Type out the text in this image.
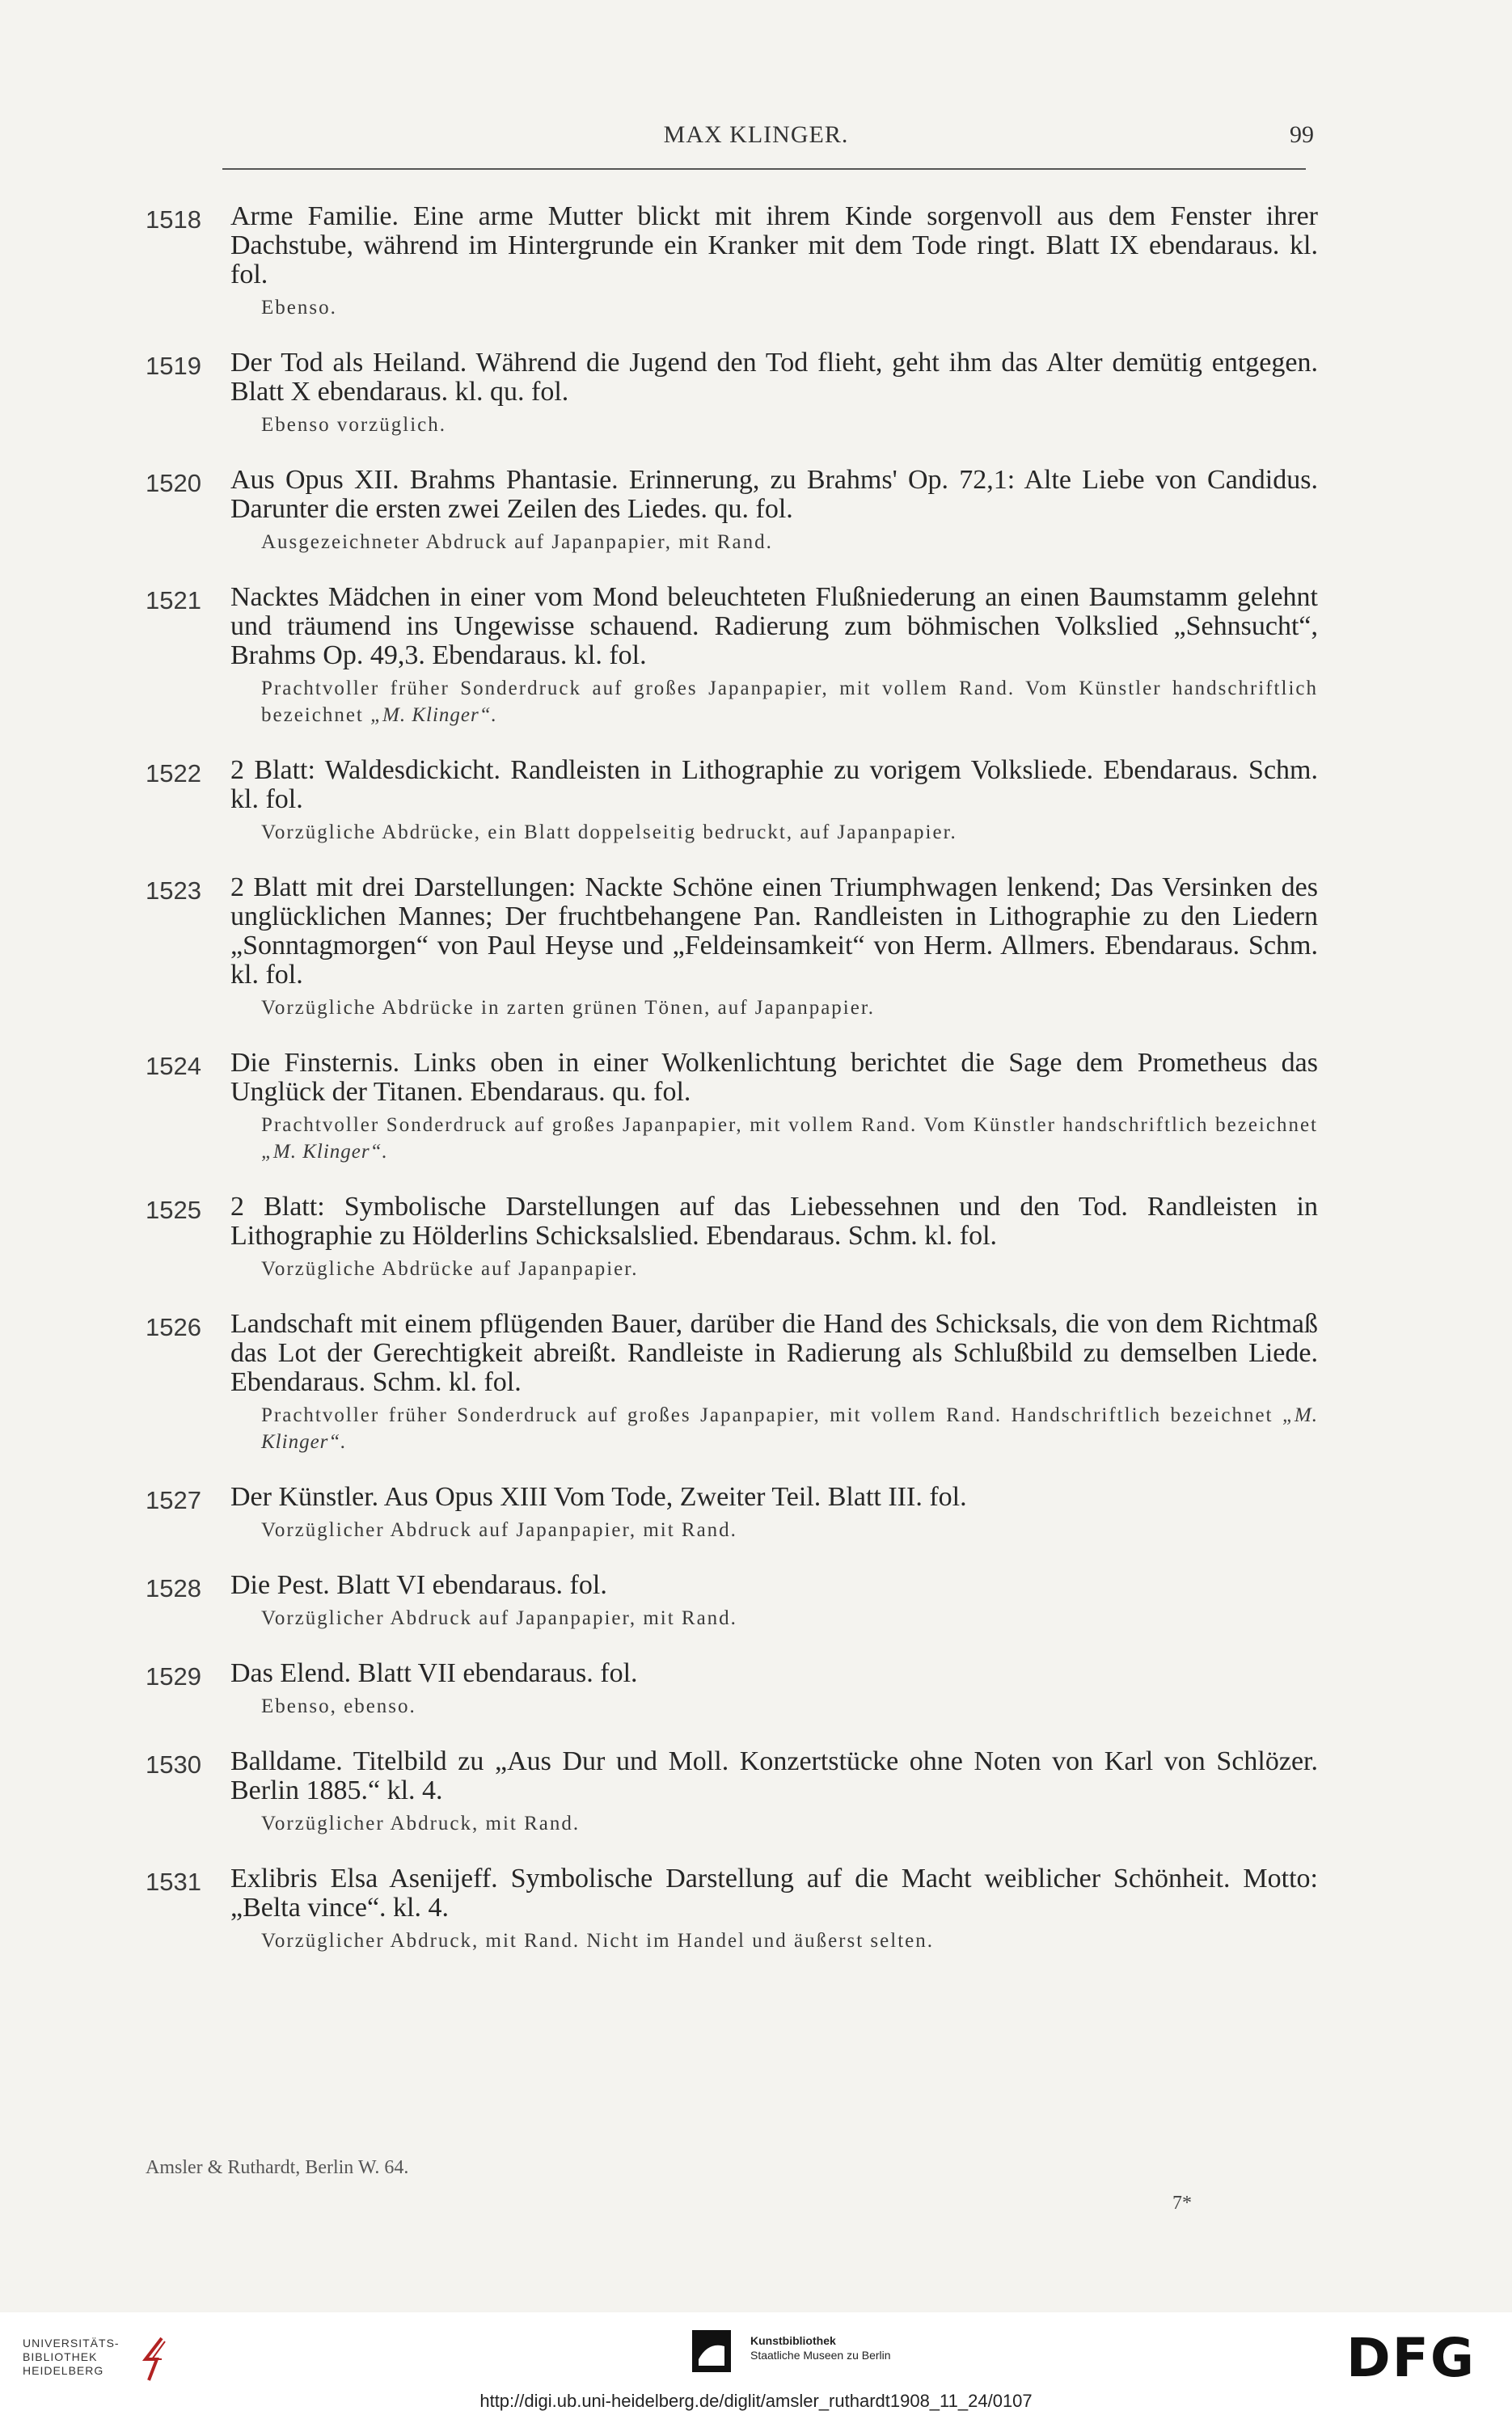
MAX KLINGER.	99
1518 Arme Familie. Eine arme Mutter blickt mit ihrem Kinde sorgenvoll aus dem Fenster ihrer Dachstube, während im Hintergrunde ein Kranker mit dem Tode ringt. Blatt IX ebendaraus. kl. fol.
Ebenso.
1519 Der Tod als Heiland. Während die Jugend den Tod flieht, geht ihm das Alter demütig entgegen. Blatt X ebendaraus. kl. qu. fol.
Ebenso vorzüglich.
1520 Aus Opus XII. Brahms Phantasie. Erinnerung, zu Brahms' Op. 72,1: Alte Liebe von Candidus. Darunter die ersten zwei Zeilen des Liedes. qu. fol.
Ausgezeichneter Abdruck auf Japanpapier, mit Rand.
1521 Nacktes Mädchen in einer vom Mond beleuchteten Flußniederung an einen Baumstamm gelehnt und träumend ins Ungewisse schauend. Radierung zum böhmischen Volkslied „Sehnsucht“, Brahms Op. 49,3. Ebendaraus. kl. fol.
Prachtvoller früher Sonderdruck auf großes Japanpapier, mit vollem Rand. Vom Künstler handschriftlich bezeichnet „M. Klinger“.
1522 2 Blatt: Waldesdickicht. Randleisten in Lithographie zu vorigem Volksliede. Ebendaraus. Schm. kl. fol.
Vorzügliche Abdrücke, ein Blatt doppelseitig bedruckt, auf Japanpapier.
1523 2 Blatt mit drei Darstellungen: Nackte Schöne einen Triumphwagen lenkend; Das Versinken des unglücklichen Mannes; Der fruchtbehangene Pan. Randleisten in Lithographie zu den Liedern „Sonntagmorgen“ von Paul Heyse und „Feldeinsamkeit“ von Herm. Allmers. Ebendaraus. Schm. kl. fol.
Vorzügliche Abdrücke in zarten grünen Tönen, auf Japanpapier.
1524 Die Finsternis. Links oben in einer Wolkenlichtung berichtet die Sage dem Prometheus das Unglück der Titanen. Ebendaraus. qu. fol.
Prachtvoller Sonderdruck auf großes Japanpapier, mit vollem Rand. Vom Künstler handschriftlich bezeichnet „M. Klinger“.
1525 2 Blatt: Symbolische Darstellungen auf das Liebessehnen und den Tod. Randleisten in Lithographie zu Hölderlins Schicksalslied. Ebendaraus. Schm. kl. fol.
Vorzügliche Abdrücke auf Japanpapier.
1526 Landschaft mit einem pflügenden Bauer, darüber die Hand des Schicksals, die von dem Richtmaß das Lot der Gerechtigkeit abreißt. Randleiste in Radierung als Schlußbild zu demselben Liede. Ebendaraus. Schm. kl. fol.
Prachtvoller früher Sonderdruck auf großes Japanpapier, mit vollem Rand. Handschriftlich bezeichnet „M. Klinger“.
1527 Der Künstler. Aus Opus XIII Vom Tode, Zweiter Teil. Blatt III. fol.
Vorzüglicher Abdruck auf Japanpapier, mit Rand.
1528 Die Pest. Blatt VI ebendaraus. fol.
Vorzüglicher Abdruck auf Japanpapier, mit Rand.
1529 Das Elend. Blatt VII ebendaraus. fol.
Ebenso, ebenso.
1530 Balldame. Titelbild zu „Aus Dur und Moll. Konzertstücke ohne Noten von Karl von Schlözer. Berlin 1885.“ kl. 4.
Vorzüglicher Abdruck, mit Rand.
1531 Exlibris Elsa Asenijeff. Symbolische Darstellung auf die Macht weiblicher Schönheit. Motto: „Belta vince“. kl. 4.
Vorzüglicher Abdruck, mit Rand. Nicht im Handel und äußerst selten.
Amsler & Ruthardt, Berlin W. 64.
7*
UNIVERSITÄTS-
BIBLIOTHEK
HEIDELBERG
Kunstbibliothek
Staatliche Museen zu Berlin	DFG
http://digi.ub.uni-heidelberg.de/diglit/amsler_ruthardt1908_11_24/0107
